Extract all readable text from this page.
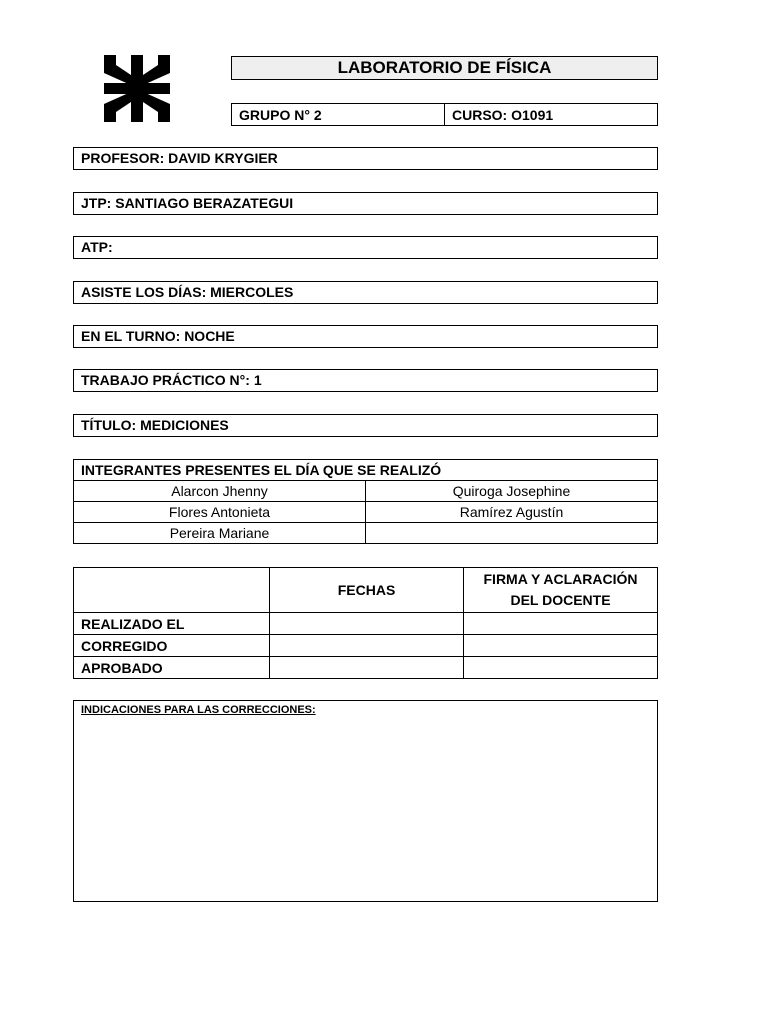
LABORATORIO DE FÍSICA
GRUPO N° 2	CURSO: O1091
PROFESOR: DAVID KRYGIER
JTP: SANTIAGO BERAZATEGUI
ATP:
ASISTE LOS DÍAS: MIERCOLES
EN EL TURNO: NOCHE
TRABAJO PRÁCTICO N°: 1
TÍTULO: MEDICIONES
INTEGRANTES PRESENTES EL DÍA QUE SE REALIZÓ	
Alarcon Jhenny	Quiroga Josephine
Flores Antonieta	Ramírez Agustín
Pereira Mariane	
	FECHAS	FIRMA Y ACLARACIÓN
DEL DOCENTE

REALIZADO EL		
CORREGIDO		
APROBADO		
INDICACIONES PARA LAS CORRECCIONES:
